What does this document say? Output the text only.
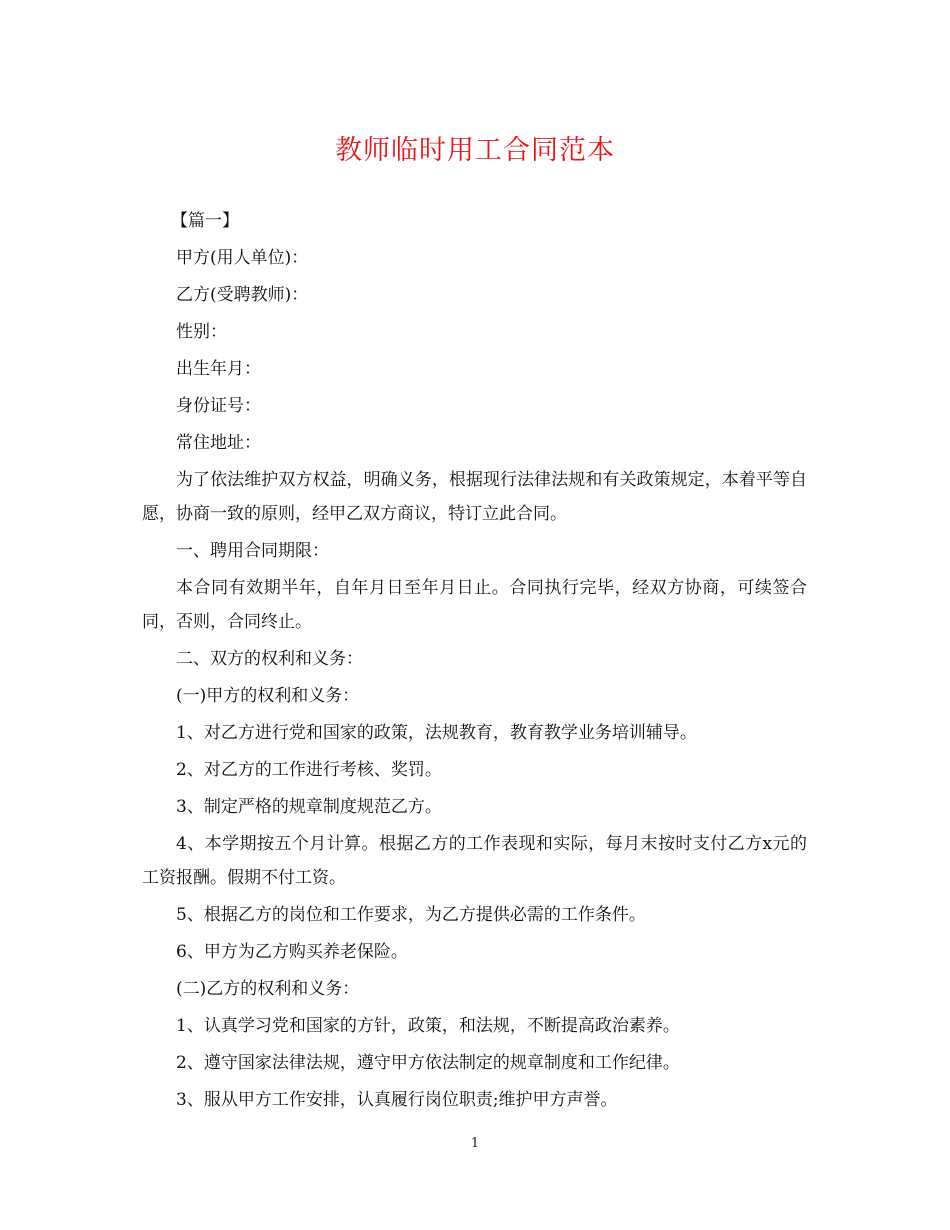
教师临时用工合同范本

【篇一】

甲方(用人单位)：

乙方(受聘教师)：

性别：

出生年月：

身份证号：

常住地址：

为了依法维护双方权益，明确义务，根据现行法律法规和有关政策规定，本着平等自愿，协商一致的原则，经甲乙双方商议，特订立此合同。

一、聘用合同期限：

本合同有效期半年，自年月日至年月日止。合同执行完毕，经双方协商，可续签合同，否则，合同终止。

二、双方的权利和义务：

(一)甲方的权利和义务：

1、对乙方进行党和国家的政策，法规教育，教育教学业务培训辅导。

2、对乙方的工作进行考核、奖罚。

3、制定严格的规章制度规范乙方。

4、本学期按五个月计算。根据乙方的工作表现和实际，每月末按时支付乙方x元的工资报酬。假期不付工资。

5、根据乙方的岗位和工作要求，为乙方提供必需的工作条件。

6、甲方为乙方购买养老保险。

(二)乙方的权利和义务：

1、认真学习党和国家的方针，政策，和法规，不断提高政治素养。

2、遵守国家法律法规，遵守甲方依法制定的规章制度和工作纪律。

3、服从甲方工作安排，认真履行岗位职责;维护甲方声誉。

1
